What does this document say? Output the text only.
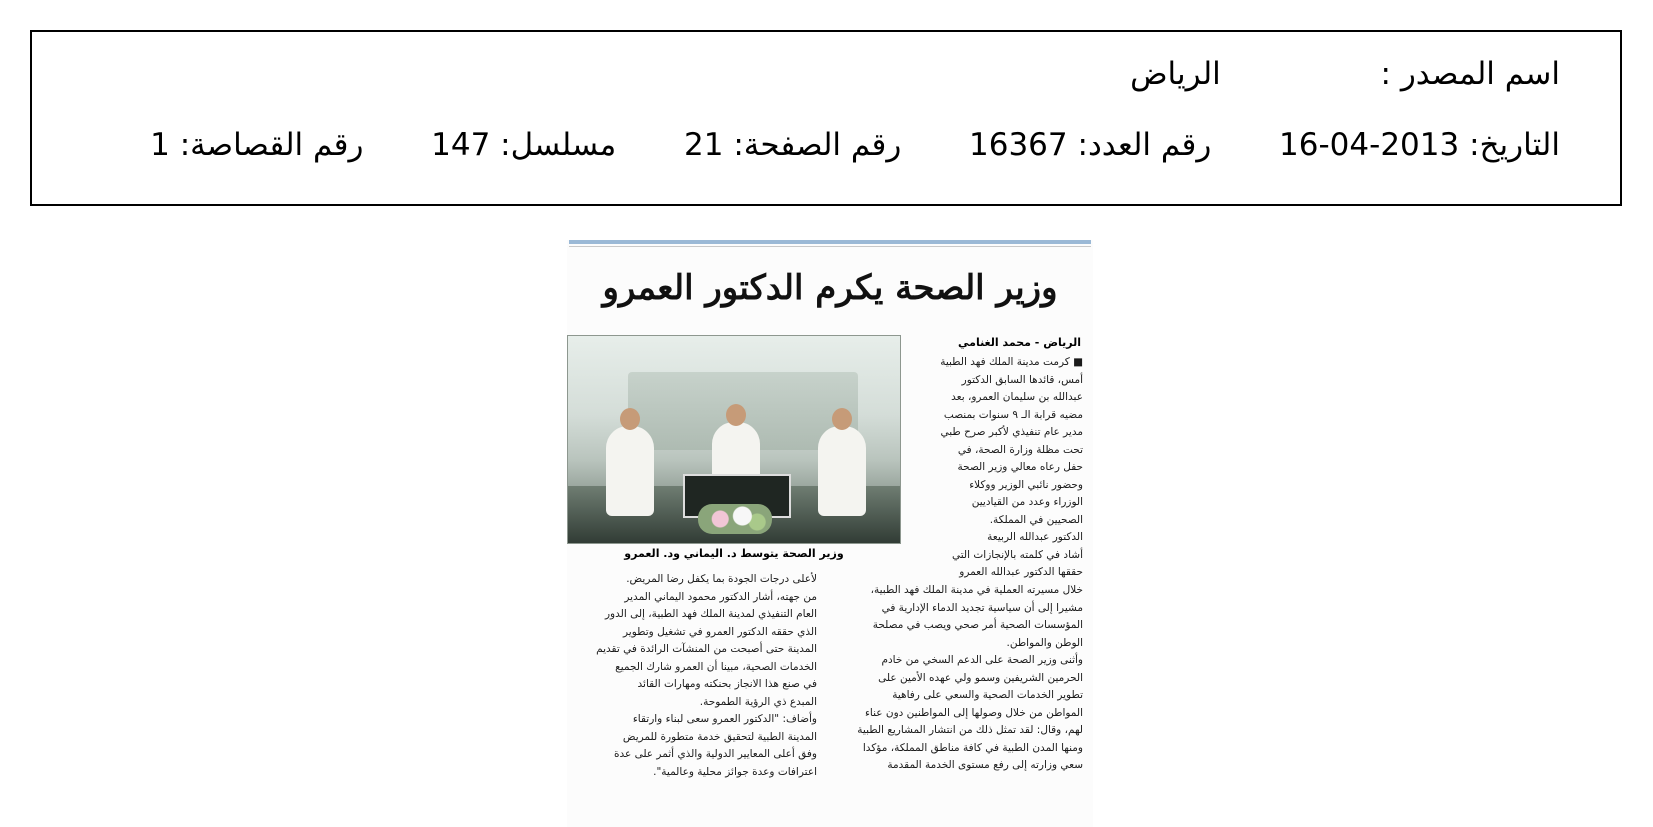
اسم المصدر :  الرياض
التاريخ: 2013-04-16  رقم العدد: 16367  رقم الصفحة: 21  مسلسل: 147  رقم القصاصة: 1
وزير الصحة يكرم الدكتور العمرو
الرياض - محمد الغنامي
وزير الصحة يتوسط د. اليماني ود. العمرو

■ كرمت مدينة الملك فهد الطبية

أمس، قائدها السابق الدكتور

عبدالله بن سليمان العمرو، بعد

مضيه قرابة الـ ٩ سنوات بمنصب

مدير عام تنفيذي لأكبر صرح طبي

تحت مظلة وزارة الصحة، في

حفل رعاه معالي وزير الصحة

وحضور نائبي الوزير ووكلاء

الوزراء وعدد من القياديين

الصحيين في المملكة.

الدكتور عبدالله الربيعة

أشاد في كلمته بالإنجازات التي

حققها الدكتور عبدالله العمرو

خلال مسيرته العملية في مدينة الملك فهد الطبية،

مشيرا إلى أن سياسية تجديد الدماء الإدارية في

المؤسسات الصحية أمر صحي ويصب في مصلحة

الوطن والمواطن.

وأثنى وزير الصحة على الدعم السخي من خادم

الحرمين الشريفين وسمو ولي عهده الأمين على

تطوير الخدمات الصحية والسعي على رفاهية

المواطن من خلال وصولها إلى المواطنين دون عناء

لهم، وقال: لقد تمثل ذلك من انتشار المشاريع الطبية

ومنها المدن الطبية في كافة مناطق المملكة، مؤكدا

سعي وزارته إلى رفع مستوى الخدمة المقدمة

لأعلى درجات الجودة بما يكفل رضا المريض.

من جهته، أشار الدكتور محمود اليماني المدير

العام التنفيذي لمدينة الملك فهد الطبية، إلى الدور

الذي حققه الدكتور العمرو في تشغيل وتطوير

المدينة حتى أصبحت من المنشآت الرائدة في تقديم

الخدمات الصحية، مبينا أن العمرو شارك الجميع

في صنع هذا الانجاز بحنكته ومهارات القائد

المبدع ذي الرؤية الطموحة.

وأضاف: "الدكتور العمرو سعى لبناء وارتقاء

المدينة الطبية لتحقيق خدمة متطورة للمريض

وفق أعلى المعايير الدولية والذي أثمر على عدة

اعترافات وعدة جوائز محلية وعالمية".
